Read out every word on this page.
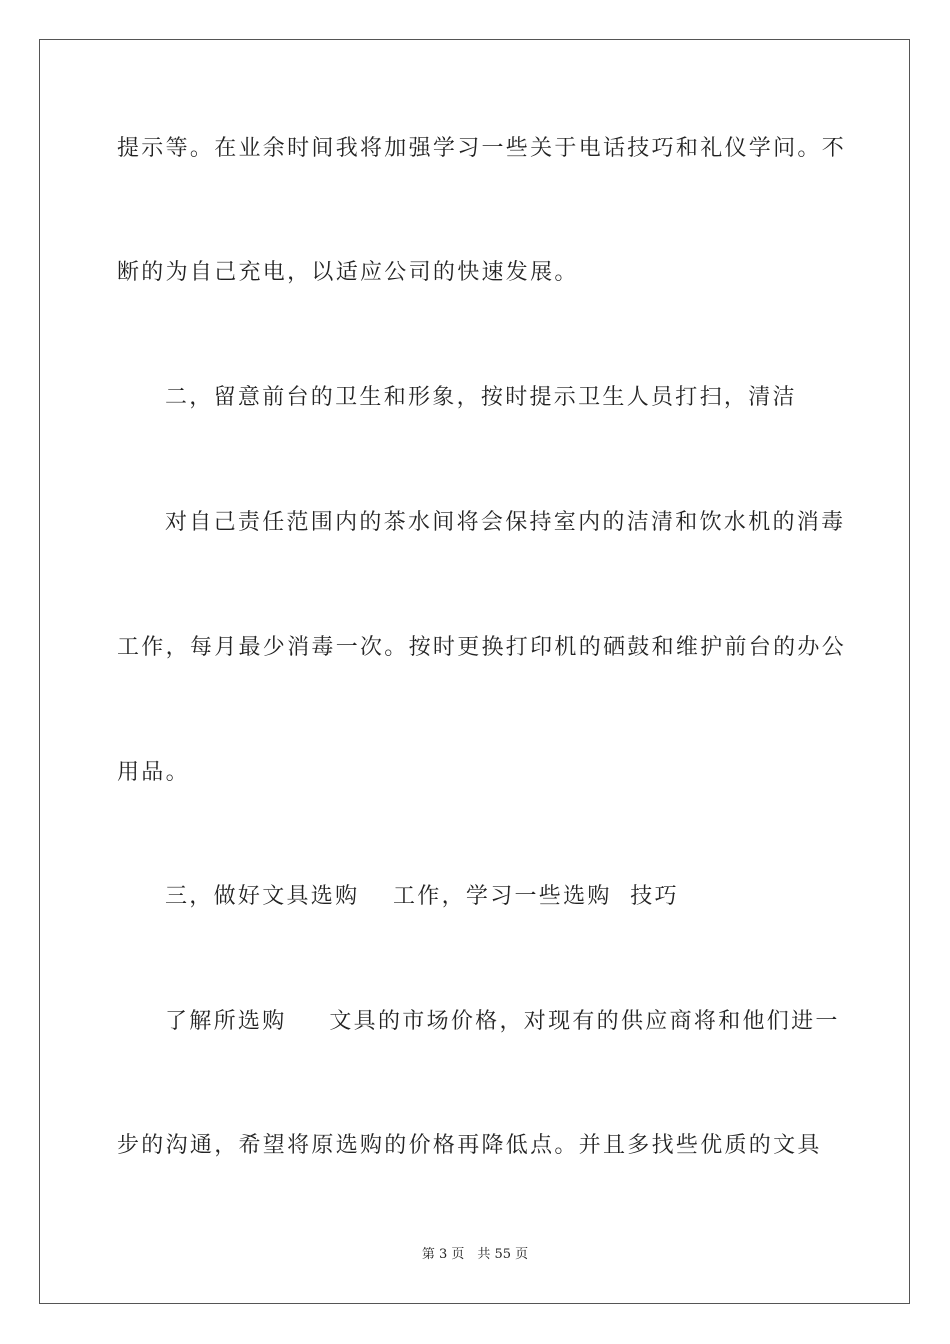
提示等。在业余时间我将加强学习一些关于电话技巧和礼仪学问。不
断的为自己充电，以适应公司的快速发展。
二，留意前台的卫生和形象，按时提示卫生人员打扫，清洁
对自己责任范围内的茶水间将会保持室内的洁清和饮水机的消毒
工作，每月最少消毒一次。按时更换打印机的硒鼓和维护前台的办公
用品。
三，做好文具选购　 工作，学习一些选购  技巧
了解所选购　  文具的市场价格，对现有的供应商将和他们进一
步的沟通，希望将原选购的价格再降低点。并且多找些优质的文具
第 3 页　共 55 页
